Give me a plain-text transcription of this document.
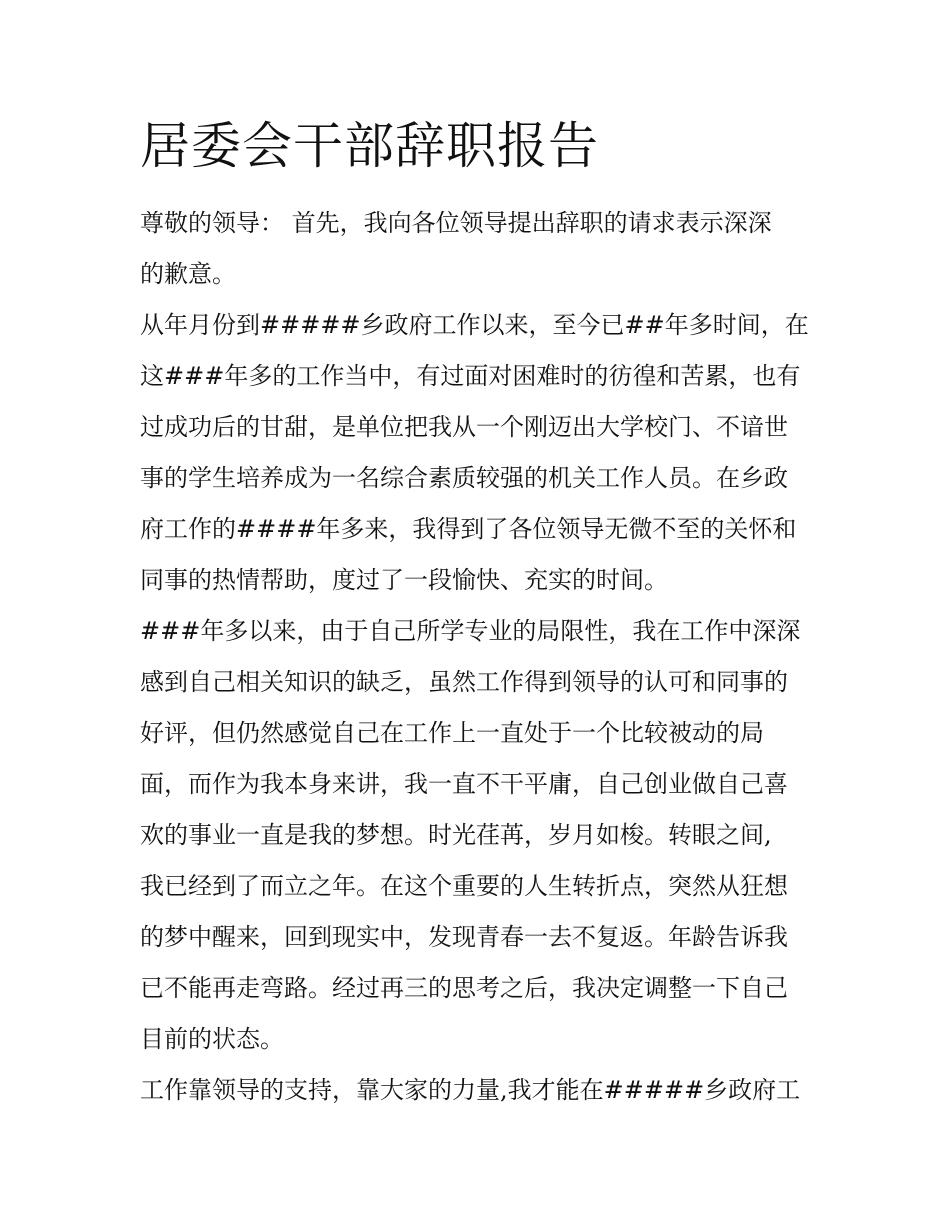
居委会干部辞职报告
尊敬的领导： 首先，我向各位领导提出辞职的请求表示深深
的歉意。
从年月份到#####乡政府工作以来，至今已##年多时间，在
这###年多的工作当中，有过面对困难时的彷徨和苦累，也有
过成功后的甘甜，是单位把我从一个刚迈出大学校门、不谙世
事的学生培养成为一名综合素质较强的机关工作人员。在乡政
府工作的####年多来，我得到了各位领导无微不至的关怀和
同事的热情帮助，度过了一段愉快、充实的时间。
###年多以来，由于自己所学专业的局限性，我在工作中深深
感到自己相关知识的缺乏，虽然工作得到领导的认可和同事的
好评，但仍然感觉自己在工作上一直处于一个比较被动的局
面，而作为我本身来讲，我一直不干平庸，自己创业做自己喜
欢的事业一直是我的梦想。时光荏苒，岁月如梭。转眼之间,
我已经到了而立之年。在这个重要的人生转折点，突然从狂想
的梦中醒来，回到现实中，发现青春一去不复返。年龄告诉我
已不能再走弯路。经过再三的思考之后，我决定调整一下自己
目前的状态。
工作靠领导的支持，靠大家的力量,我才能在#####乡政府工
